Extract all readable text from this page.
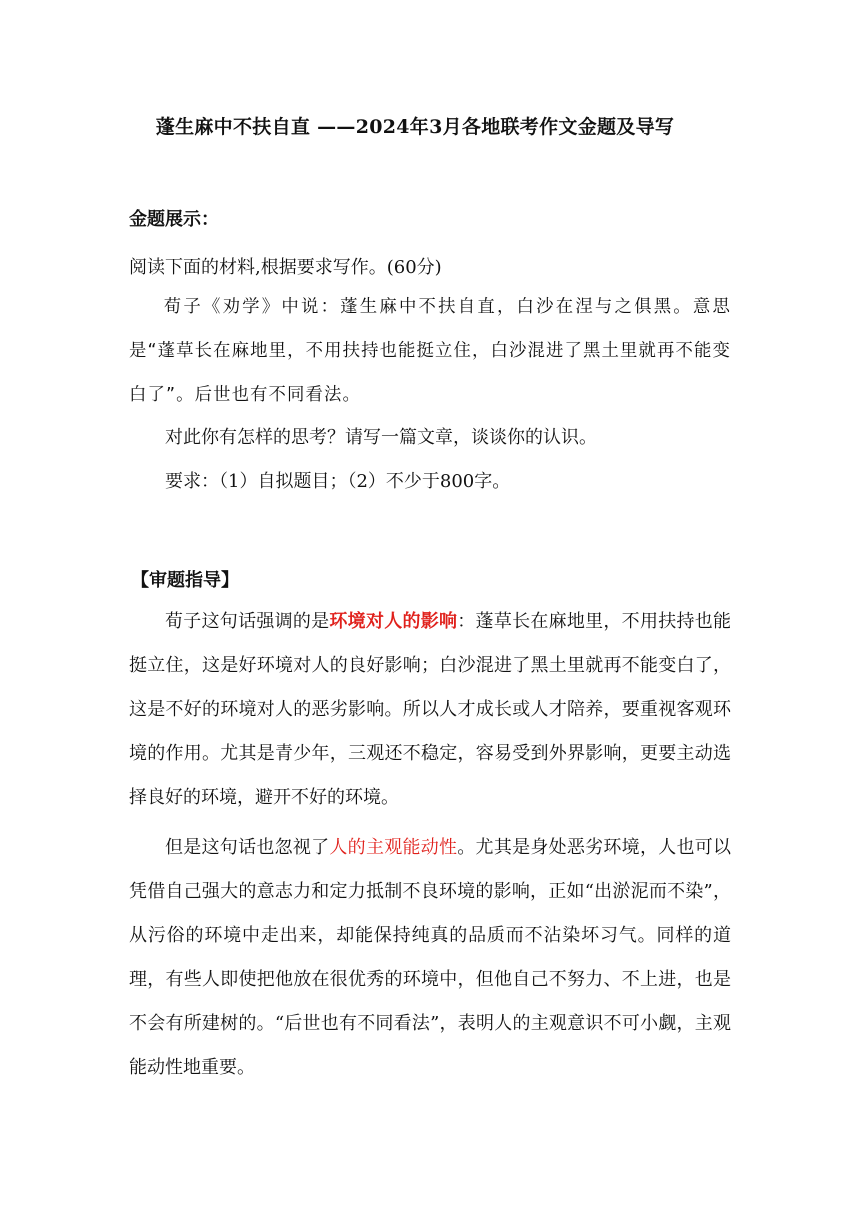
蓬生麻中不扶自直 ——2024年3月各地联考作文金题及导写
金题展示：

阅读下面的材料,根据要求写作。(60分)

荀子《劝学》中说：蓬生麻中不扶自直，白沙在涅与之俱黑。意思是“蓬草长在麻地里，不用扶持也能挺立住，白沙混进了黑土里就再不能变白了”。后世也有不同看法。

对此你有怎样的思考？请写一篇文章，谈谈你的认识。

要求：（1）自拟题目；（2）不少于800字。

【审题指导】

荀子这句话强调的是环境对人的影响：蓬草长在麻地里，不用扶持也能挺立住，这是好环境对人的良好影响；白沙混进了黑土里就再不能变白了，这是不好的环境对人的恶劣影响。所以人才成长或人才陪养，要重视客观环境的作用。尤其是青少年，三观还不稳定，容易受到外界影响，更要主动选择良好的环境，避开不好的环境。

但是这句话也忽视了人的主观能动性。尤其是身处恶劣环境，人也可以凭借自己强大的意志力和定力抵制不良环境的影响，正如“出淤泥而不染”，从污俗的环境中走出来，却能保持纯真的品质而不沾染坏习气。同样的道理，有些人即使把他放在很优秀的环境中，但他自己不努力、不上进，也是不会有所建树的。“后世也有不同看法”，表明人的主观意识不可小觑，主观能动性地重要。
